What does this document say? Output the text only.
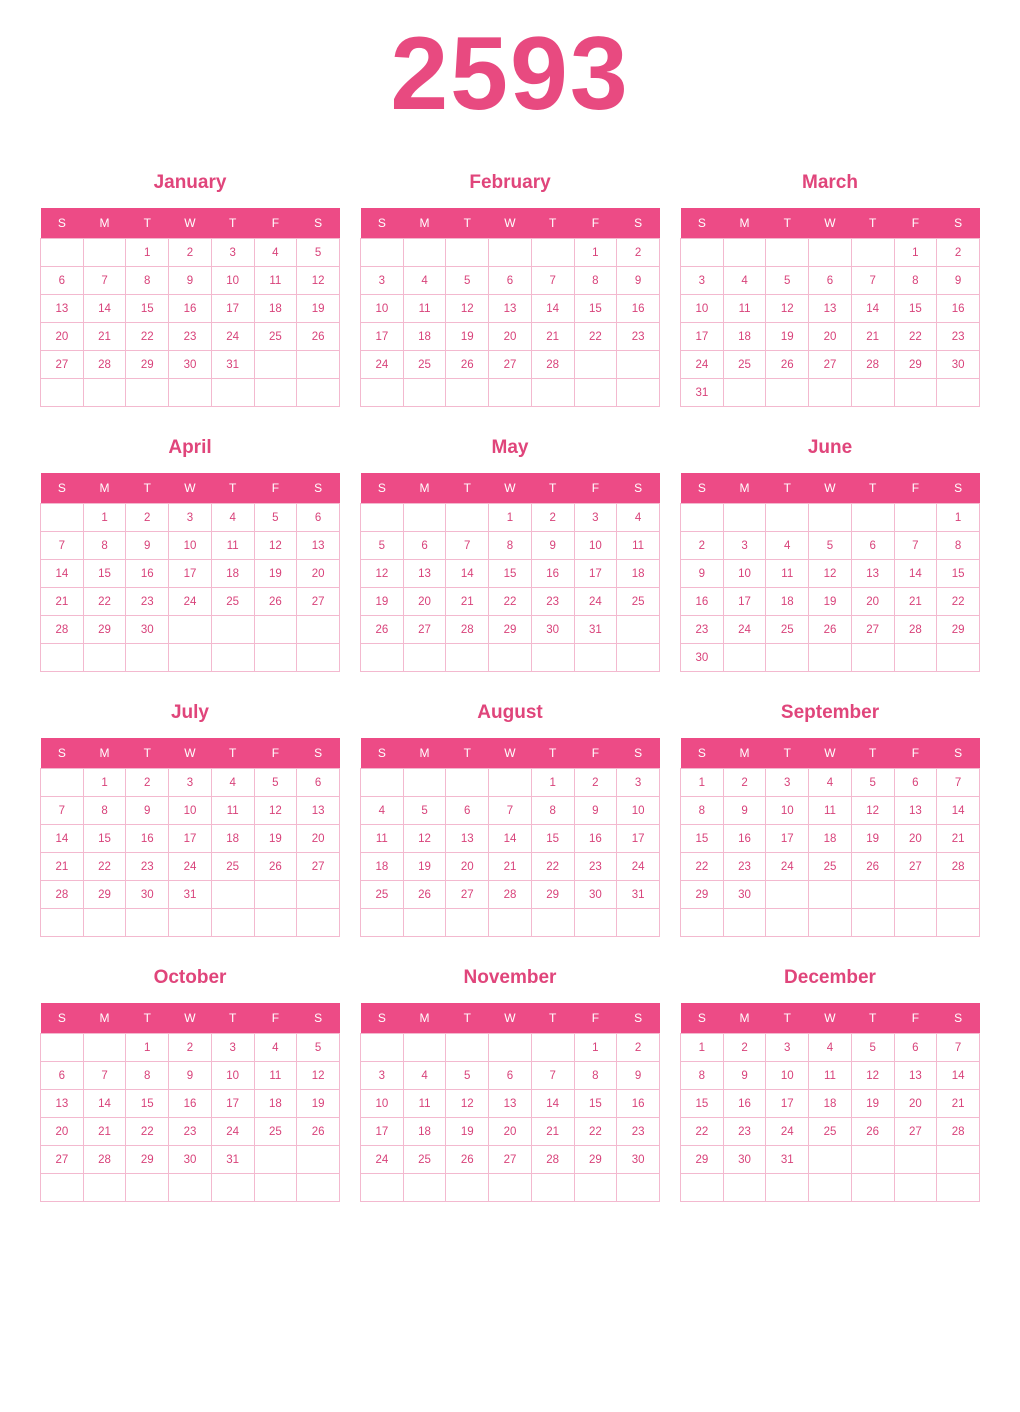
2593
January
S	M	T	W	T	F	S
		1	2	3	4	5
6	7	8	9	10	11	12
13	14	15	16	17	18	19
20	21	22	23	24	25	26
27	28	29	30	31		

February
S	M	T	W	T	F	S
					1	2
3	4	5	6	7	8	9
10	11	12	13	14	15	16
17	18	19	20	21	22	23
24	25	26	27	28		

March
S	M	T	W	T	F	S
					1	2
3	4	5	6	7	8	9
10	11	12	13	14	15	16
17	18	19	20	21	22	23
24	25	26	27	28	29	30
31						
April
S	M	T	W	T	F	S
	1	2	3	4	5	6
7	8	9	10	11	12	13
14	15	16	17	18	19	20
21	22	23	24	25	26	27
28	29	30				

May
S	M	T	W	T	F	S
			1	2	3	4
5	6	7	8	9	10	11
12	13	14	15	16	17	18
19	20	21	22	23	24	25
26	27	28	29	30	31	

June
S	M	T	W	T	F	S
						1
2	3	4	5	6	7	8
9	10	11	12	13	14	15
16	17	18	19	20	21	22
23	24	25	26	27	28	29
30						
July
S	M	T	W	T	F	S
	1	2	3	4	5	6
7	8	9	10	11	12	13
14	15	16	17	18	19	20
21	22	23	24	25	26	27
28	29	30	31			

August
S	M	T	W	T	F	S
				1	2	3
4	5	6	7	8	9	10
11	12	13	14	15	16	17
18	19	20	21	22	23	24
25	26	27	28	29	30	31

September
S	M	T	W	T	F	S
1	2	3	4	5	6	7
8	9	10	11	12	13	14
15	16	17	18	19	20	21
22	23	24	25	26	27	28
29	30					

October
S	M	T	W	T	F	S
		1	2	3	4	5
6	7	8	9	10	11	12
13	14	15	16	17	18	19
20	21	22	23	24	25	26
27	28	29	30	31		

November
S	M	T	W	T	F	S
					1	2
3	4	5	6	7	8	9
10	11	12	13	14	15	16
17	18	19	20	21	22	23
24	25	26	27	28	29	30

December
S	M	T	W	T	F	S
1	2	3	4	5	6	7
8	9	10	11	12	13	14
15	16	17	18	19	20	21
22	23	24	25	26	27	28
29	30	31				
